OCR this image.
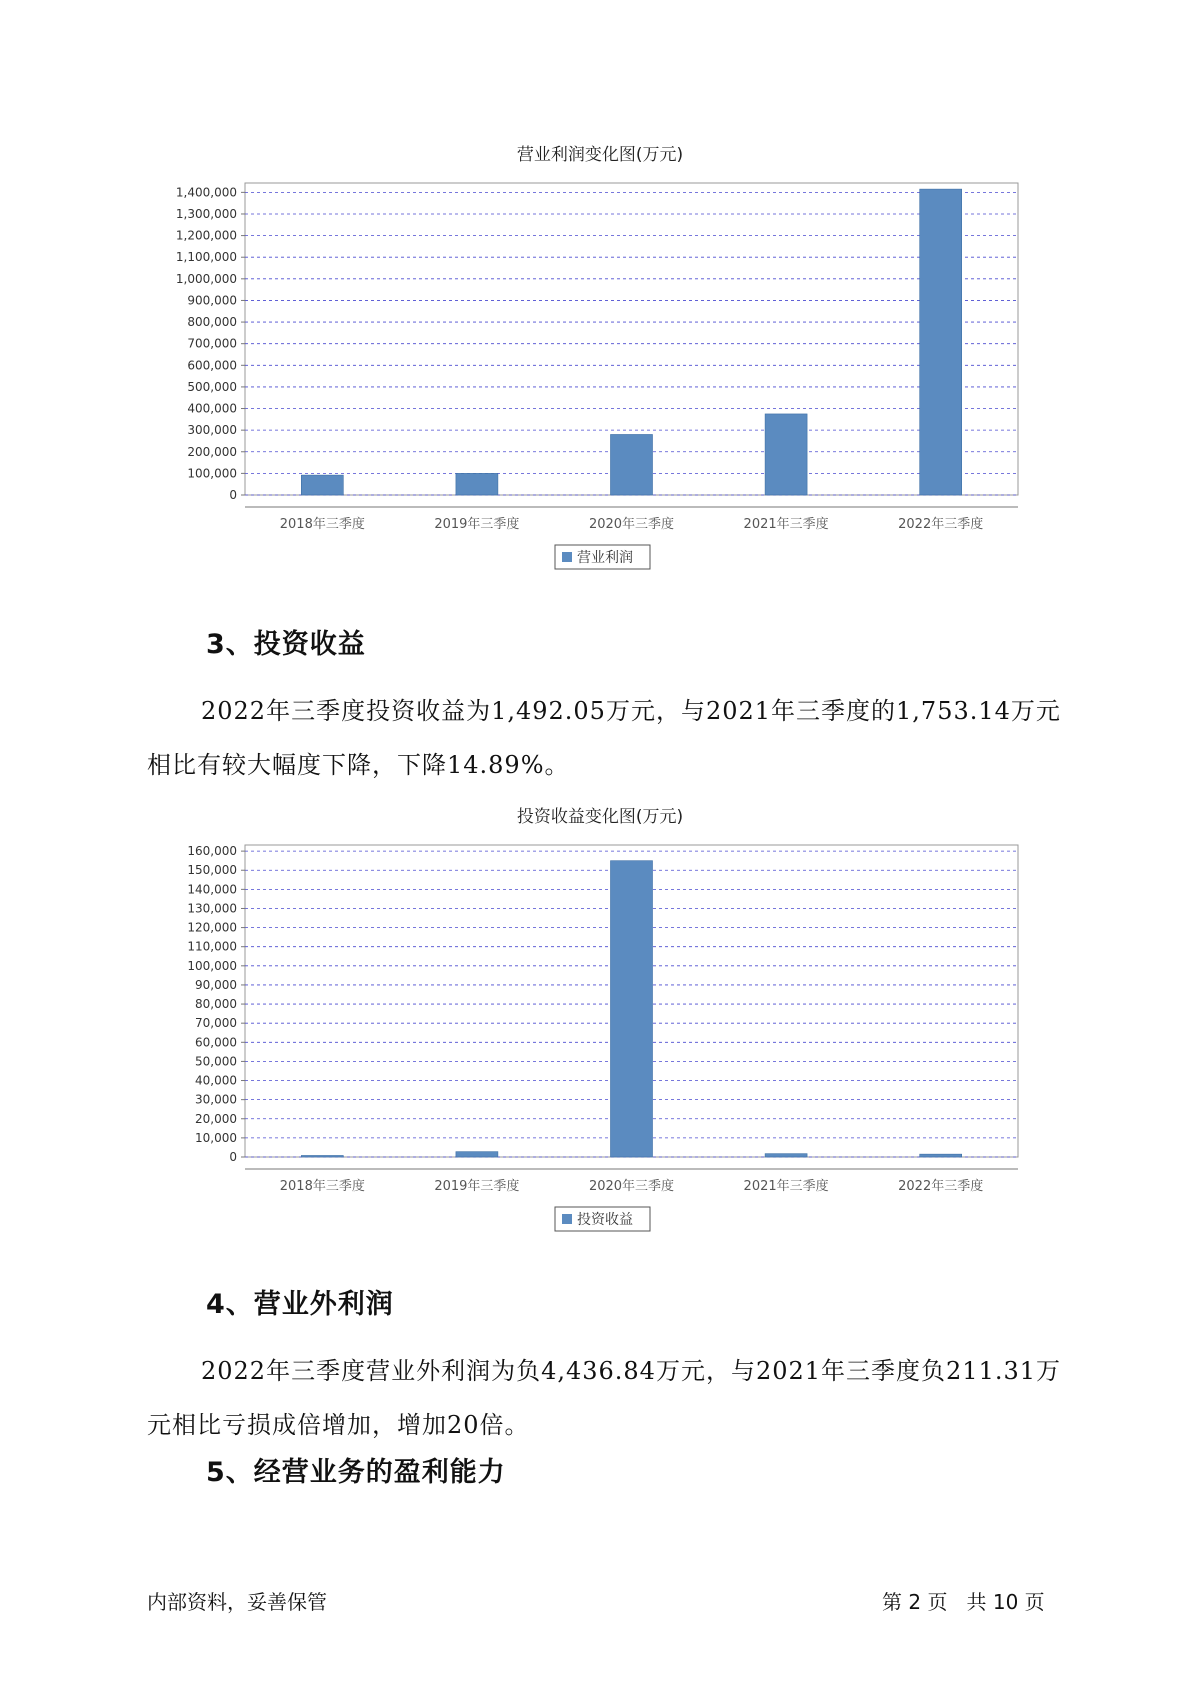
营业利润变化图(万元)

0
100,000
200,000
300,000
400,000
500,000
600,000
700,000
800,000
900,000
1,000,000
1,100,000
1,200,000
1,300,000
1,400,000
2018年三季度	2019年三季度	2020年三季度	2021年三季度	2022年三季度
营业利润
3、投资收益

2022年三季度投资收益为1,492.05万元，与2021年三季度的1,753.14万元相比有较大幅度下降，下降14.89%。

投资收益变化图(万元)

0
10,000
20,000
30,000
40,000
50,000
60,000
70,000
80,000
90,000
100,000
110,000
120,000
130,000
140,000
150,000
160,000
2018年三季度	2019年三季度	2020年三季度	2021年三季度	2022年三季度
投资收益
4、营业外利润

2022年三季度营业外利润为负4,436.84万元，与2021年三季度负211.31万元相比亏损成倍增加，增加20倍。

5、经营业务的盈利能力
内部资料，妥善保管	第 2 页   共 10 页
